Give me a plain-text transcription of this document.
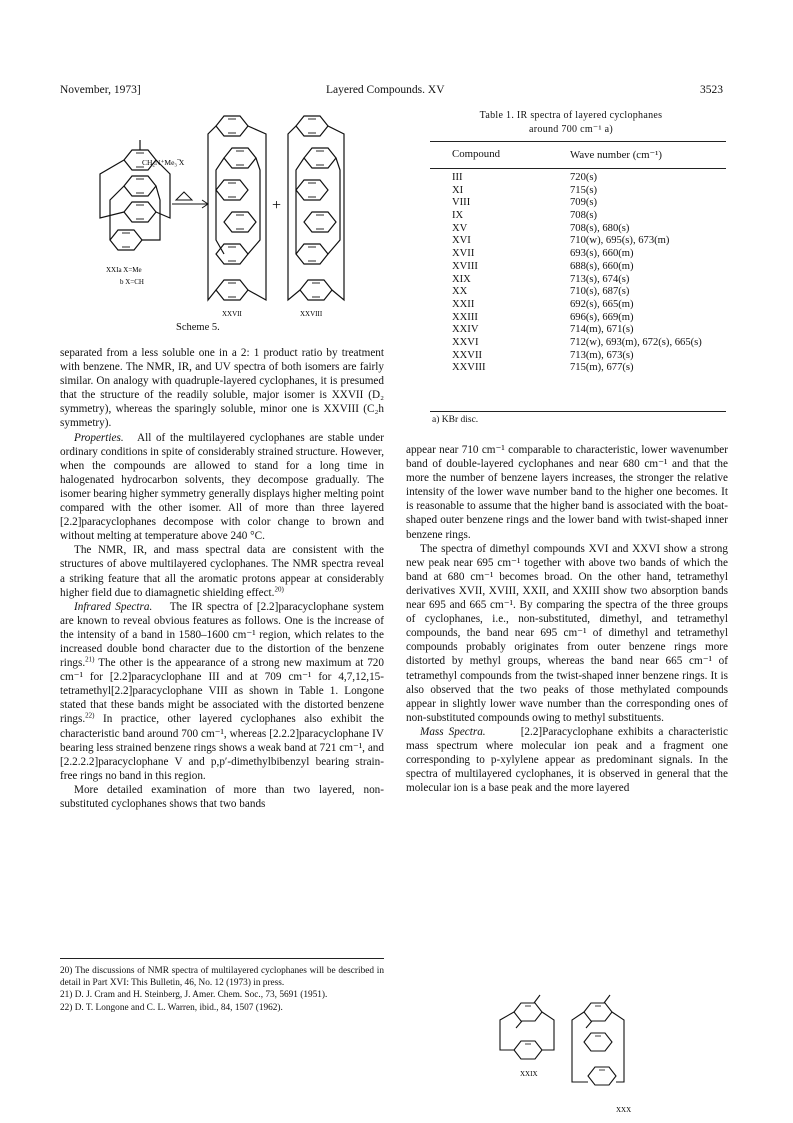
November, 1973]	Layered Compounds. XV	3523
CH₂N⁺Me₃ ̅X
XXIa X=Me
b X=CH
+
XXVII	XXVIII
Scheme 5.

separated from a less soluble one in a 2: 1 product ratio by treatment with benzene. The NMR, IR, and UV spectra of both isomers are fairly similar. On analogy with quadruple-layered cyclophanes, it is presumed that the structure of the readily soluble, major isomer is XXVII (D₂ symmetry), whereas the sparingly soluble, minor one is XXVIII (C₂h symmetry).

Properties. All of the multilayered cyclophanes are stable under ordinary conditions in spite of considerably strained structure. However, when the compounds are allowed to stand for a long time in halogenated hydrocarbon solvents, they decompose gradually. The isomer bearing higher symmetry generally displays higher melting point compared with the other isomer. All of more than three layered [2.2]paracyclophanes decompose with color change to brown and without melting at temperature above 240 °C.

The NMR, IR, and mass spectral data are consistent with the structures of above multilayered cyclophanes. The NMR spectra reveal a striking feature that all the aromatic protons appear at considerably higher field due to diamagnetic shielding effect.$^{20)}$

Infrared Spectra. The IR spectra of [2.2]paracyclophane system are known to reveal obvious features as follows. One is the increase of the intensity of a band in 1580–1600 cm⁻¹ region, which relates to the increased double bond character due to the distortion of the benzene rings.$^{21)}$ The other is the appearance of a strong new maximum at 720 cm⁻¹ for [2.2]paracyclophane III and at 709 cm⁻¹ for 4,7,12,15-tetramethyl[2.2]paracyclophane VIII as shown in Table 1. Longone stated that these bands might be associated with the distorted benzene rings.$^{22)}$ In practice, other layered cyclophanes also exhibit the characteristic band around 700 cm⁻¹, whereas [2.2.2]paracyclophane IV bearing less strained benzene rings shows a weak band at 721 cm⁻¹, and [2.2.2.2]paracyclophane V and p,p′-dimethylbibenzyl bearing strain-free rings no band in this region.

More detailed examination of more than two layered, non-substituted cyclophanes shows that two bands

20) The discussions of NMR spectra of multilayered cyclophanes will be described in detail in Part XVI: This Bulletin, 46, No. 12 (1973) in press.

21) D. J. Cram and H. Steinberg, J. Amer. Chem. Soc., 73, 5691 (1951).

22) D. T. Longone and C. L. Warren, ibid., 84, 1507 (1962).

Table 1. IR spectra of layered cyclophanes
around 700 cm⁻¹ a)
Compound	Wave number (cm⁻¹)
III	720(s)
XI	715(s)
VIII	709(s)
IX	708(s)
XV	708(s), 680(s)
XVI	710(w), 695(s), 673(m)
XVII	693(s), 660(m)
XVIII	688(s), 660(m)
XIX	713(s), 674(s)
XX	710(s), 687(s)
XXII	692(s), 665(m)
XXIII	696(s), 669(m)
XXIV	714(m), 671(s)
XXVI	712(w), 693(m), 672(s), 665(s)
XXVII	713(m), 673(s)
XXVIII	715(m), 677(s)
a) KBr disc.

appear near 710 cm⁻¹ comparable to characteristic, lower wavenumber band of double-layered cyclophanes and near 680 cm⁻¹ and that the more the number of benzene layers increases, the stronger the relative intensity of the lower wave number band to the higher one becomes. It is reasonable to assume that the higher band is associated with the boat-shaped outer benzene rings and the lower band with twist-shaped inner benzene rings.

The spectra of dimethyl compounds XVI and XXVI show a strong new peak near 695 cm⁻¹ together with above two bands of which the band at 680 cm⁻¹ becomes broad. On the other hand, tetramethyl derivatives XVII, XVIII, XXII, and XXIII show two absorption bands near 695 and 665 cm⁻¹. By comparing the spectra of the three groups of cyclophanes, i.e., non-substituted, dimethyl, and tetramethyl compounds, the band near 695 cm⁻¹ of dimethyl and tetramethyl compounds probably originates from outer benzene rings more distorted by methyl groups, whereas the band near 665 cm⁻¹ of tetramethyl compounds from the twist-shaped inner benzene rings. It is also observed that the two peaks of those methylated compounds appear in slightly lower wave number than the corresponding ones of non-substituted compounds owing to methyl substituents.

Mass Spectra.	[2.2]Paracyclophane exhibits a characteristic mass spectrum where molecular ion peak and a fragment one corresponding to p-xylylene appear as predominant signals. In the spectra of multilayered cyclophanes, it is observed in general that the molecular ion is a base peak and the more layered

XXIX
XXX
